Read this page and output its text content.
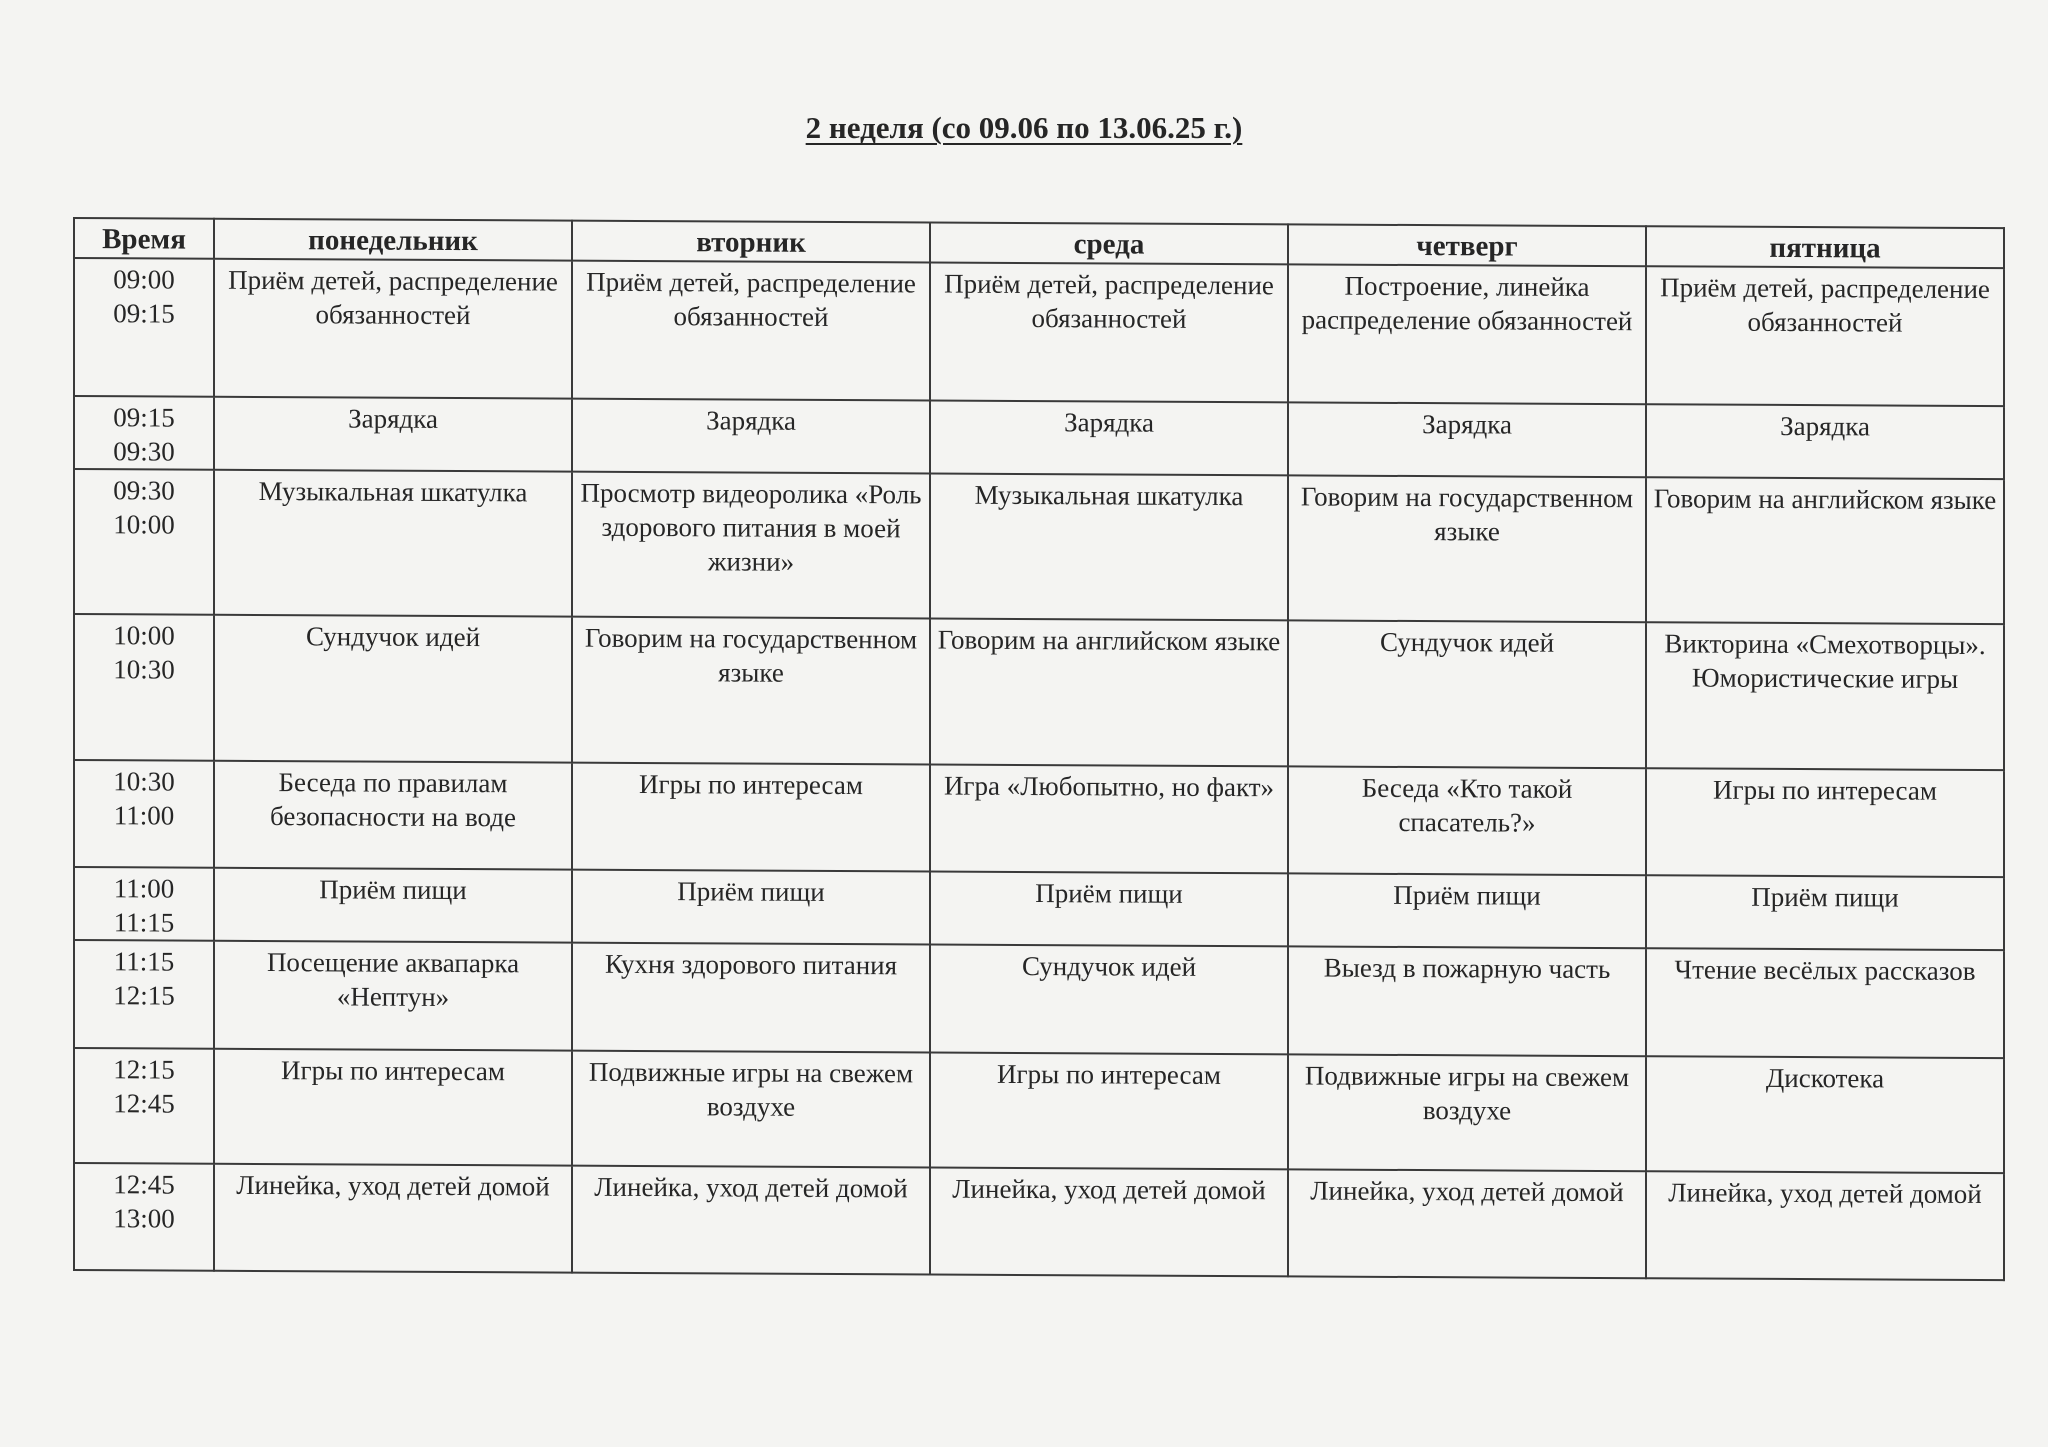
2 неделя (со 09.06 по 13.06.25 г.)
Время	понедельник	вторник	среда	четверг	пятница

09:00
09:15	Приём детей, распределение обязанностей	Приём детей, распределение обязанностей	Приём детей, распределение обязанностей	Построение, линейка распределение обязанностей	Приём детей, распределение обязанностей

09:15
09:30	Зарядка	Зарядка	Зарядка	Зарядка	Зарядка

09:30
10:00	Музыкальная шкатулка	Просмотр видеоролика «Роль здорового питания в моей жизни»	Музыкальная шкатулка	Говорим на государственном языке	Говорим на английском языке

10:00
10:30	Сундучок идей	Говорим на государственном языке	Говорим на английском языке	Сундучок идей	Викторина «Смехотворцы». Юмористические игры

10:30
11:00	Беседа по правилам безопасности на воде	Игры по интересам	Игра «Любопытно, но факт»	Беседа «Кто такой спасатель?»	Игры по интересам

11:00
11:15	Приём пищи	Приём пищи	Приём пищи	Приём пищи	Приём пищи

11:15
12:15	Посещение аквапарка «Нептун»	Кухня здорового питания	Сундучок идей	Выезд в пожарную часть	Чтение весёлых рассказов

12:15
12:45	Игры по интересам	Подвижные игры на свежем воздухе	Игры по интересам	Подвижные игры на свежем воздухе	Дискотека

12:45
13:00	Линейка, уход детей домой	Линейка, уход детей домой	Линейка, уход детей домой	Линейка, уход детей домой	Линейка, уход детей домой
